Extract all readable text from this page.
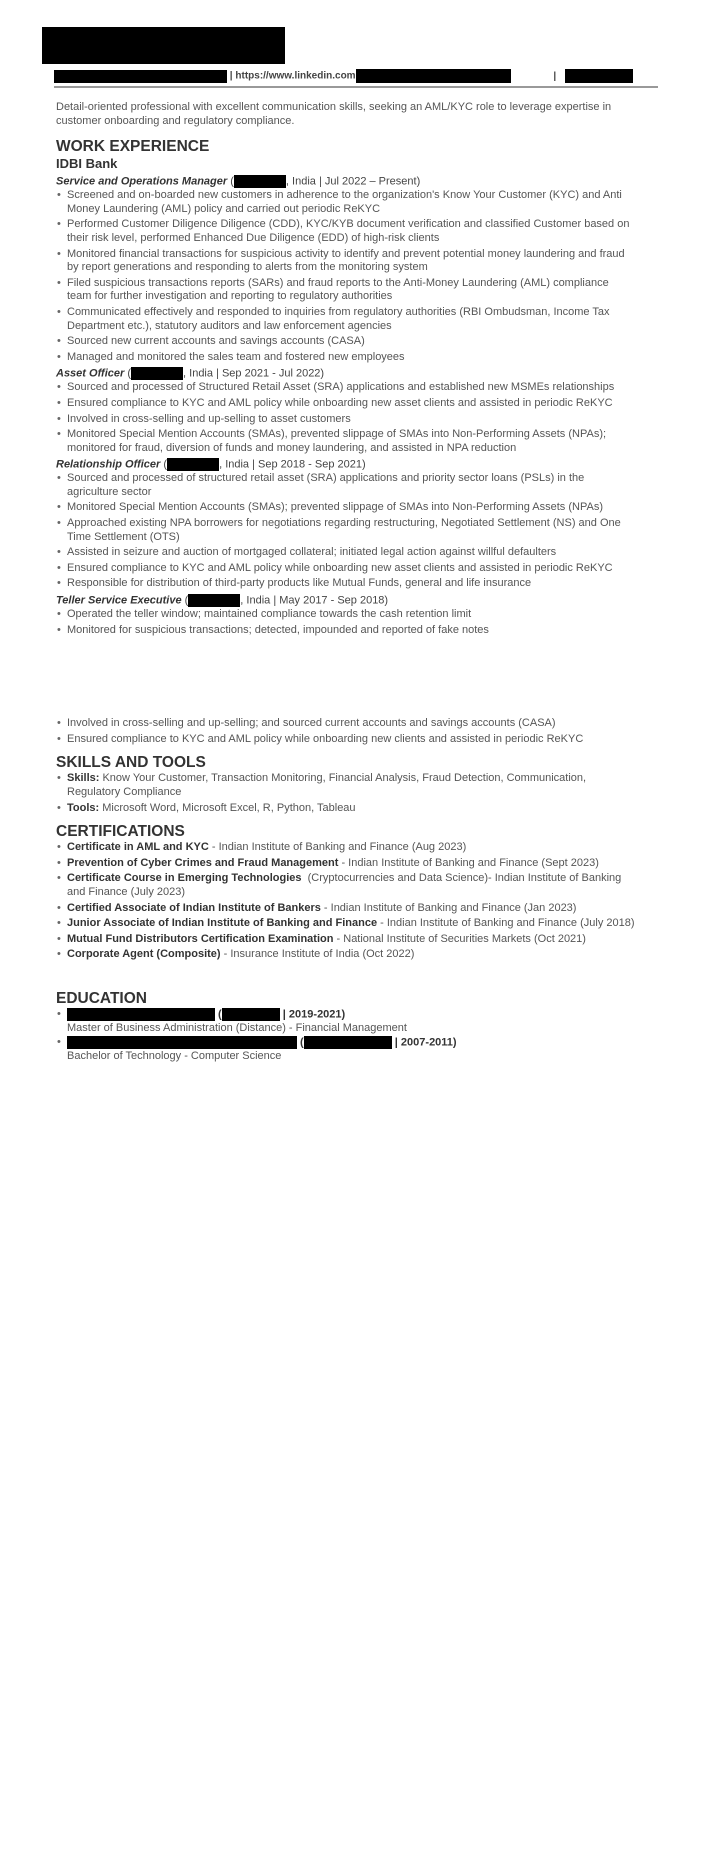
| https://www.linkedin.com	|

Detail-oriented professional with excellent communication skills, seeking an AML/KYC role to leverage expertise in customer onboarding and regulatory compliance.

WORK EXPERIENCE
IDBI Bank
Service and Operations Manager (	, India | Jul 2022 – Present)
• Screened and on-boarded new customers in adherence to the organization's Know Your Customer (KYC) and Anti Money Laundering (AML) policy and carried out periodic ReKYC
• Performed Customer Diligence Diligence (CDD), KYC/KYB document verification and classified Customer based on their risk level, performed Enhanced Due Diligence (EDD) of high-risk clients
• Monitored financial transactions for suspicious activity to identify and prevent potential money laundering and fraud by report generations and responding to alerts from the monitoring system
• Filed suspicious transactions reports (SARs) and fraud reports to the Anti-Money Laundering (AML) compliance team for further investigation and reporting to regulatory authorities
• Communicated effectively and responded to inquiries from regulatory authorities (RBI Ombudsman, Income Tax Department etc.), statutory auditors and law enforcement agencies
• Sourced new current accounts and savings accounts (CASA)
• Managed and monitored the sales team and fostered new employees
Asset Officer (	, India | Sep 2021 - Jul 2022)
• Sourced and processed of Structured Retail Asset (SRA) applications and established new MSMEs relationships
• Ensured compliance to KYC and AML policy while onboarding new asset clients and assisted in periodic ReKYC
• Involved in cross-selling and up-selling to asset customers
• Monitored Special Mention Accounts (SMAs), prevented slippage of SMAs into Non-Performing Assets (NPAs); monitored for fraud, diversion of funds and money laundering, and assisted in NPA reduction
Relationship Officer (	, India | Sep 2018 - Sep 2021)
• Sourced and processed of structured retail asset (SRA) applications and priority sector loans (PSLs) in the agriculture sector
• Monitored Special Mention Accounts (SMAs); prevented slippage of SMAs into Non-Performing Assets (NPAs)
• Approached existing NPA borrowers for negotiations regarding restructuring, Negotiated Settlement (NS) and One Time Settlement (OTS)
• Assisted in seizure and auction of mortgaged collateral; initiated legal action against willful defaulters
• Ensured compliance to KYC and AML policy while onboarding new asset clients and assisted in periodic ReKYC
• Responsible for distribution of third-party products like Mutual Funds, general and life insurance
Teller Service Executive (	, India | May 2017 - Sep 2018)
• Operated the teller window; maintained compliance towards the cash retention limit
• Monitored for suspicious transactions; detected, impounded and reported of fake notes
• Involved in cross-selling and up-selling; and sourced current accounts and savings accounts (CASA)
• Ensured compliance to KYC and AML policy while onboarding new clients and assisted in periodic ReKYC
SKILLS AND TOOLS
• Skills: Know Your Customer, Transaction Monitoring, Financial Analysis, Fraud Detection, Communication, Regulatory Compliance
• Tools: Microsoft Word, Microsoft Excel, R, Python, Tableau
CERTIFICATIONS
• Certificate in AML and KYC - Indian Institute of Banking and Finance (Aug 2023)
• Prevention of Cyber Crimes and Fraud Management - Indian Institute of Banking and Finance (Sept 2023)
• Certificate Course in Emerging Technologies  (Cryptocurrencies and Data Science)- Indian Institute of Banking and Finance (July 2023)
• Certified Associate of Indian Institute of Bankers - Indian Institute of Banking and Finance (Jan 2023)
• Junior Associate of Indian Institute of Banking and Finance - Indian Institute of Banking and Finance (July 2018)
• Mutual Fund Distributors Certification Examination - National Institute of Securities Markets (Oct 2021)
• Corporate Agent (Composite) - Insurance Institute of India (Oct 2022)
EDUCATION
• (	| 2019-2021)
Master of Business Administration (Distance) - Financial Management
• (	| 2007-2011)
Bachelor of Technology - Computer Science
